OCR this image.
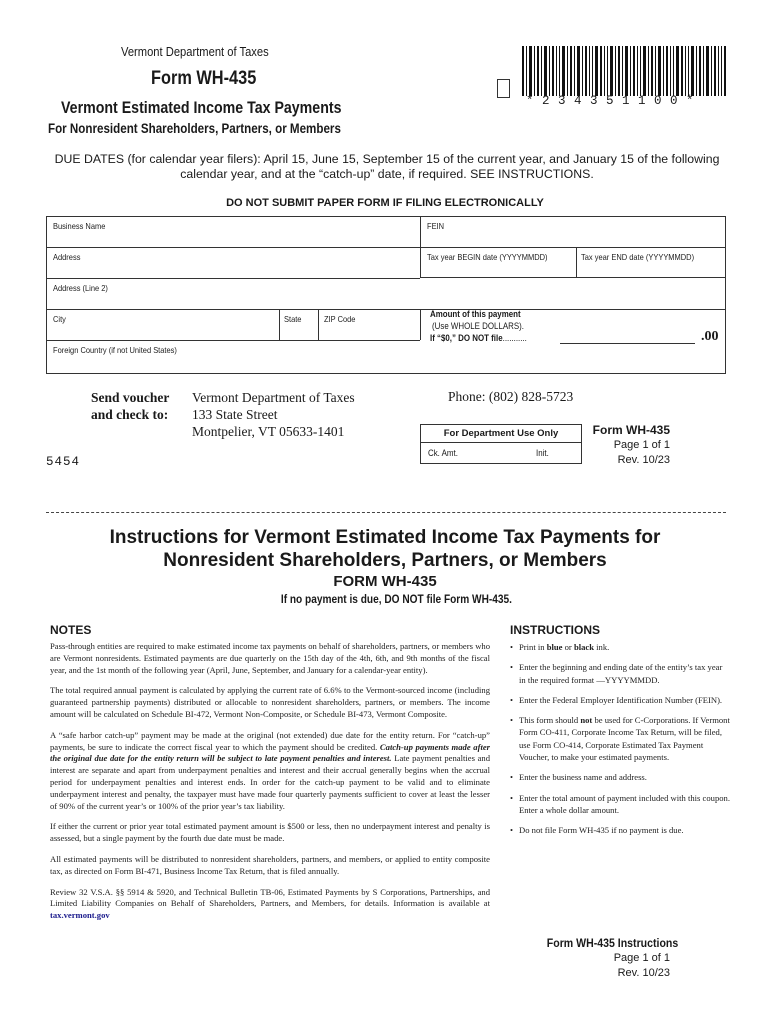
Vermont Department of Taxes
Form WH-435
Vermont Estimated Income Tax Payments
For Nonresident Shareholders, Partners, or Members
* 2 3 4 3 5 1 1 0 0 *
DUE DATES (for calendar year filers): April 15, June 15, September 15 of the current year, and January 15 of the following calendar year, and at the “catch-up” date, if required. SEE INSTRUCTIONS.
DO NOT SUBMIT PAPER FORM IF FILING ELECTRONICALLY
Business Name	FEIN
Address	Tax year BEGIN date (YYYYMMDD)	Tax year END date (YYYYMMDD)
Address (Line 2)
City	State	ZIP Code
Foreign Country (if not United States)
Amount of this payment
(Use WHOLE DOLLARS).
If “$0,” DO NOT file...........	.00
Send voucher
and check to:
Vermont Department of Taxes
133 State Street
Montpelier, VT 05633-1401
Phone: (802) 828-5723
For Department Use Only
Ck. Amt.	Init.
Form WH-435
Page 1 of 1
Rev. 10/23
5454
Instructions for Vermont Estimated Income Tax Payments for
Nonresident Shareholders, Partners, or Members
FORM WH-435
If no payment is due, DO NOT file Form WH-435.
NOTES	INSTRUCTIONS

Pass-through entities are required to make estimated income tax payments on behalf of shareholders, partners, or members who are Vermont nonresidents. Estimated payments are due quarterly on the 15th day of the 4th, 6th, and 9th months of the fiscal year, and the 1st month of the following year (April, June, September, and January for a calendar-year entity).

The total required annual payment is calculated by applying the current rate of 6.6% to the Vermont-sourced income (including guaranteed partnership payments) distributed or allocable to nonresident shareholders, partners, or members. The income amount will be calculated on Schedule BI-472, Vermont Non-Composite, or Schedule BI-473, Vermont Composite.

A “safe harbor catch-up” payment may be made at the original (not extended) due date for the entity return. For “catch-up” payments, be sure to indicate the correct fiscal year to which the payment should be credited. Catch-up payments made after the original due date for the entity return will be subject to late payment penalties and interest. Late payment penalties and interest are separate and apart from underpayment penalties and interest and their accrual generally begins when the accrual period for underpayment penalties and interest ends. In order for the catch-up payment to be valid and to eliminate underpayment interest and penalty, the taxpayer must have made four quarterly payments sufficient to cover at least the lesser of 90% of the current year’s or 100% of the prior year’s tax liability.

If either the current or prior year total estimated payment amount is $500 or less, then no underpayment interest and penalty is assessed, but a single payment by the fourth due date must be made.

All estimated payments will be distributed to nonresident shareholders, partners, and members, or applied to entity composite tax, as directed on Form BI-471, Business Income Tax Return, that is filed annually.

Review 32 V.S.A. §§ 5914 & 5920, and Technical Bulletin TB-06, Estimated Payments by S Corporations, Partnerships, and Limited Liability Companies on Behalf of Shareholders, Partners, and Members, for details. Information is available at tax.vermont.gov

• Print in blue or black ink.
• Enter the beginning and ending date of the entity’s tax year in the required format —YYYYMMDD.
• Enter the Federal Employer Identification Number (FEIN).
• This form should not be used for C-Corporations. If Vermont Form CO-411, Corporate Income Tax Return, will be filed, use Form CO-414, Corporate Estimated Tax Payment Voucher, to make your estimated payments.
• Enter the business name and address.
• Enter the total amount of payment included with this coupon. Enter a whole dollar amount.
• Do not file Form WH-435 if no payment is due.
Form WH-435 Instructions
Page 1 of 1
Rev. 10/23
